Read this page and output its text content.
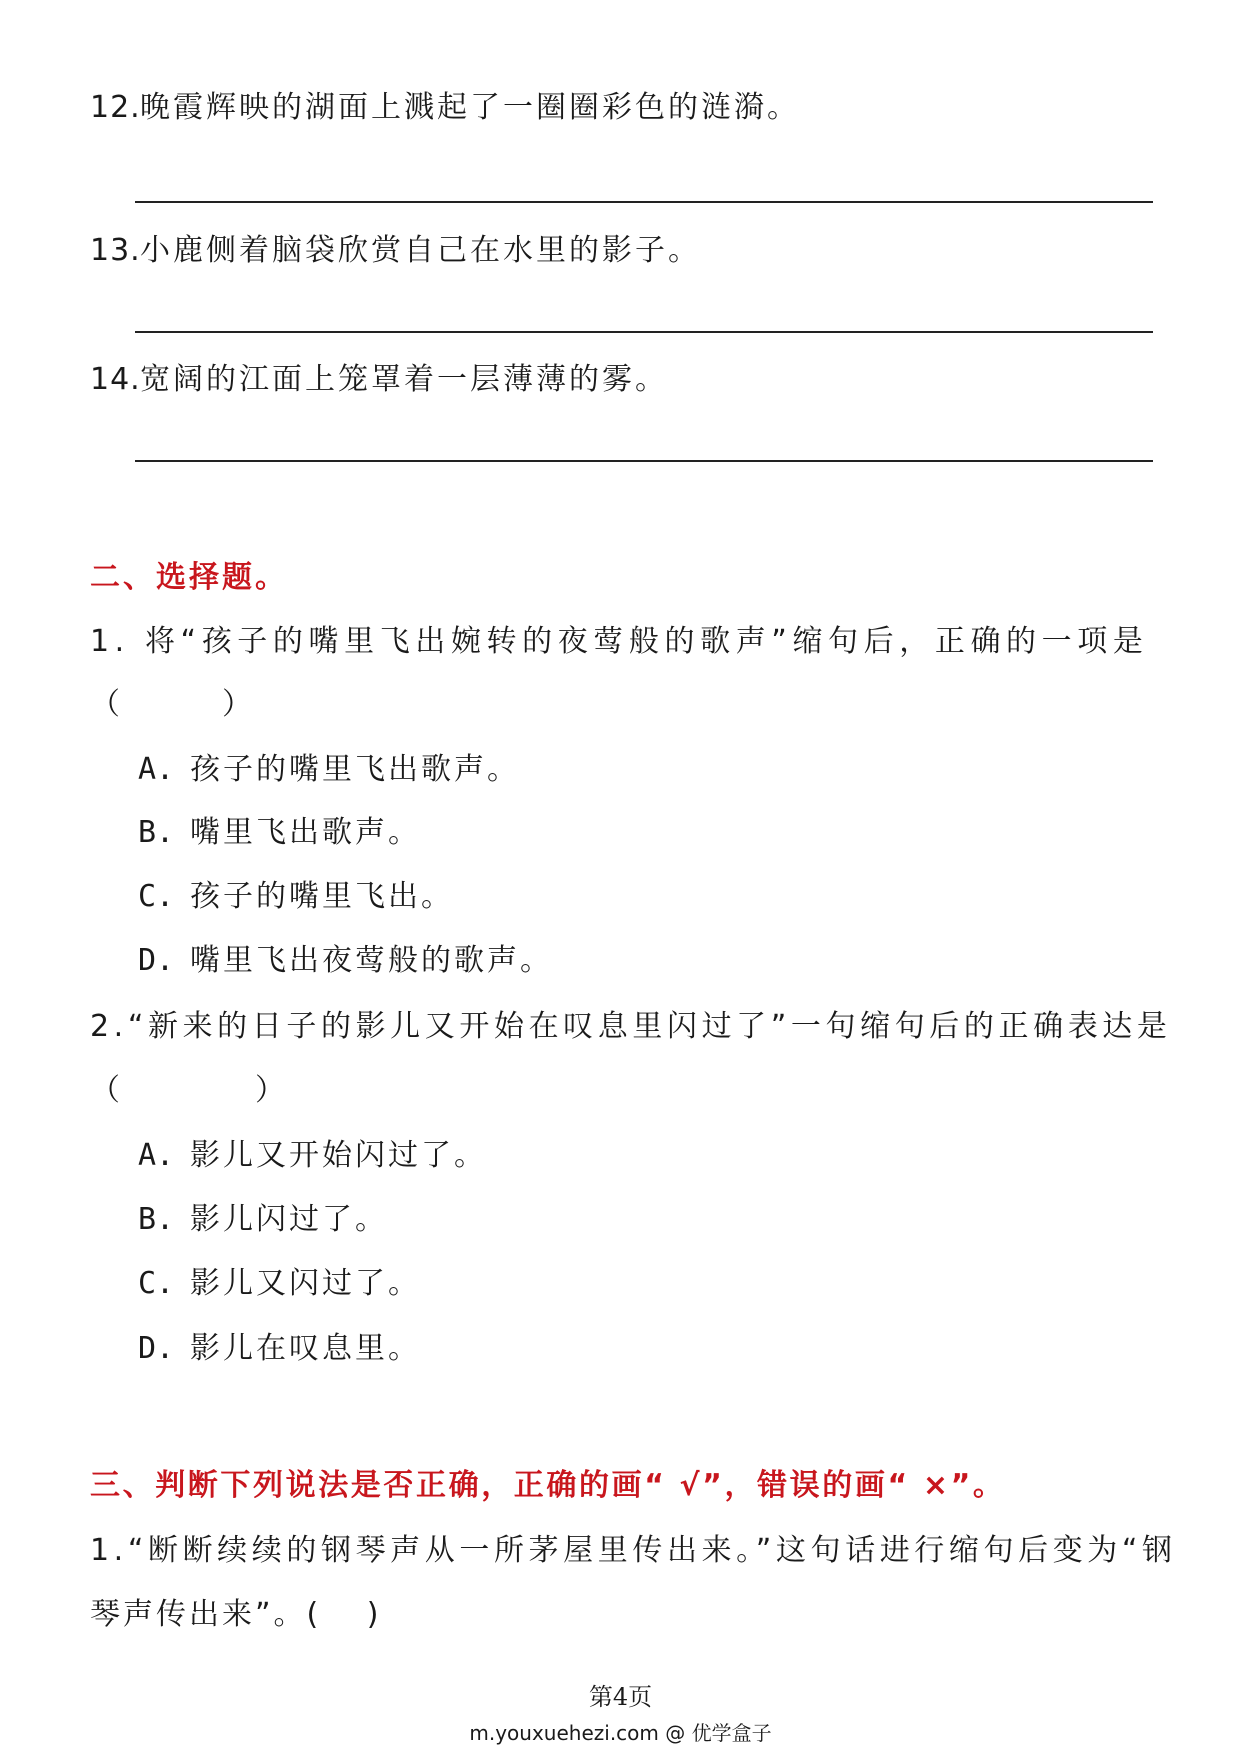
12. 晚霞辉映的湖面上溅起了一圈圈彩色的涟漪。
13. 小鹿侧着脑袋欣赏自己在水里的影子。
14. 宽阔的江面上笼罩着一层薄薄的雾。
二、选择题。
1. 将“孩子的嘴里飞出婉转的夜莺般的歌声”缩句后，正确的一项是
（　　　）
A. 孩子的嘴里飞出歌声。
B. 嘴里飞出歌声。
C. 孩子的嘴里飞出。
D. 嘴里飞出夜莺般的歌声。
2.“新来的日子的影儿又开始在叹息里闪过了”一句缩句后的正确表达是
（　　　　）
A. 影儿又开始闪过了。
B. 影儿闪过了。
C. 影儿又闪过了。
D. 影儿在叹息里。
三、判断下列说法是否正确，正确的画“ √”，错误的画“ ×”。
1.“断断续续的钢琴声从一所茅屋里传出来。”这句话进行缩句后变为“钢
琴声传出来”。(　 )
第4页
m.youxuehezi.com @ 优学盒子
